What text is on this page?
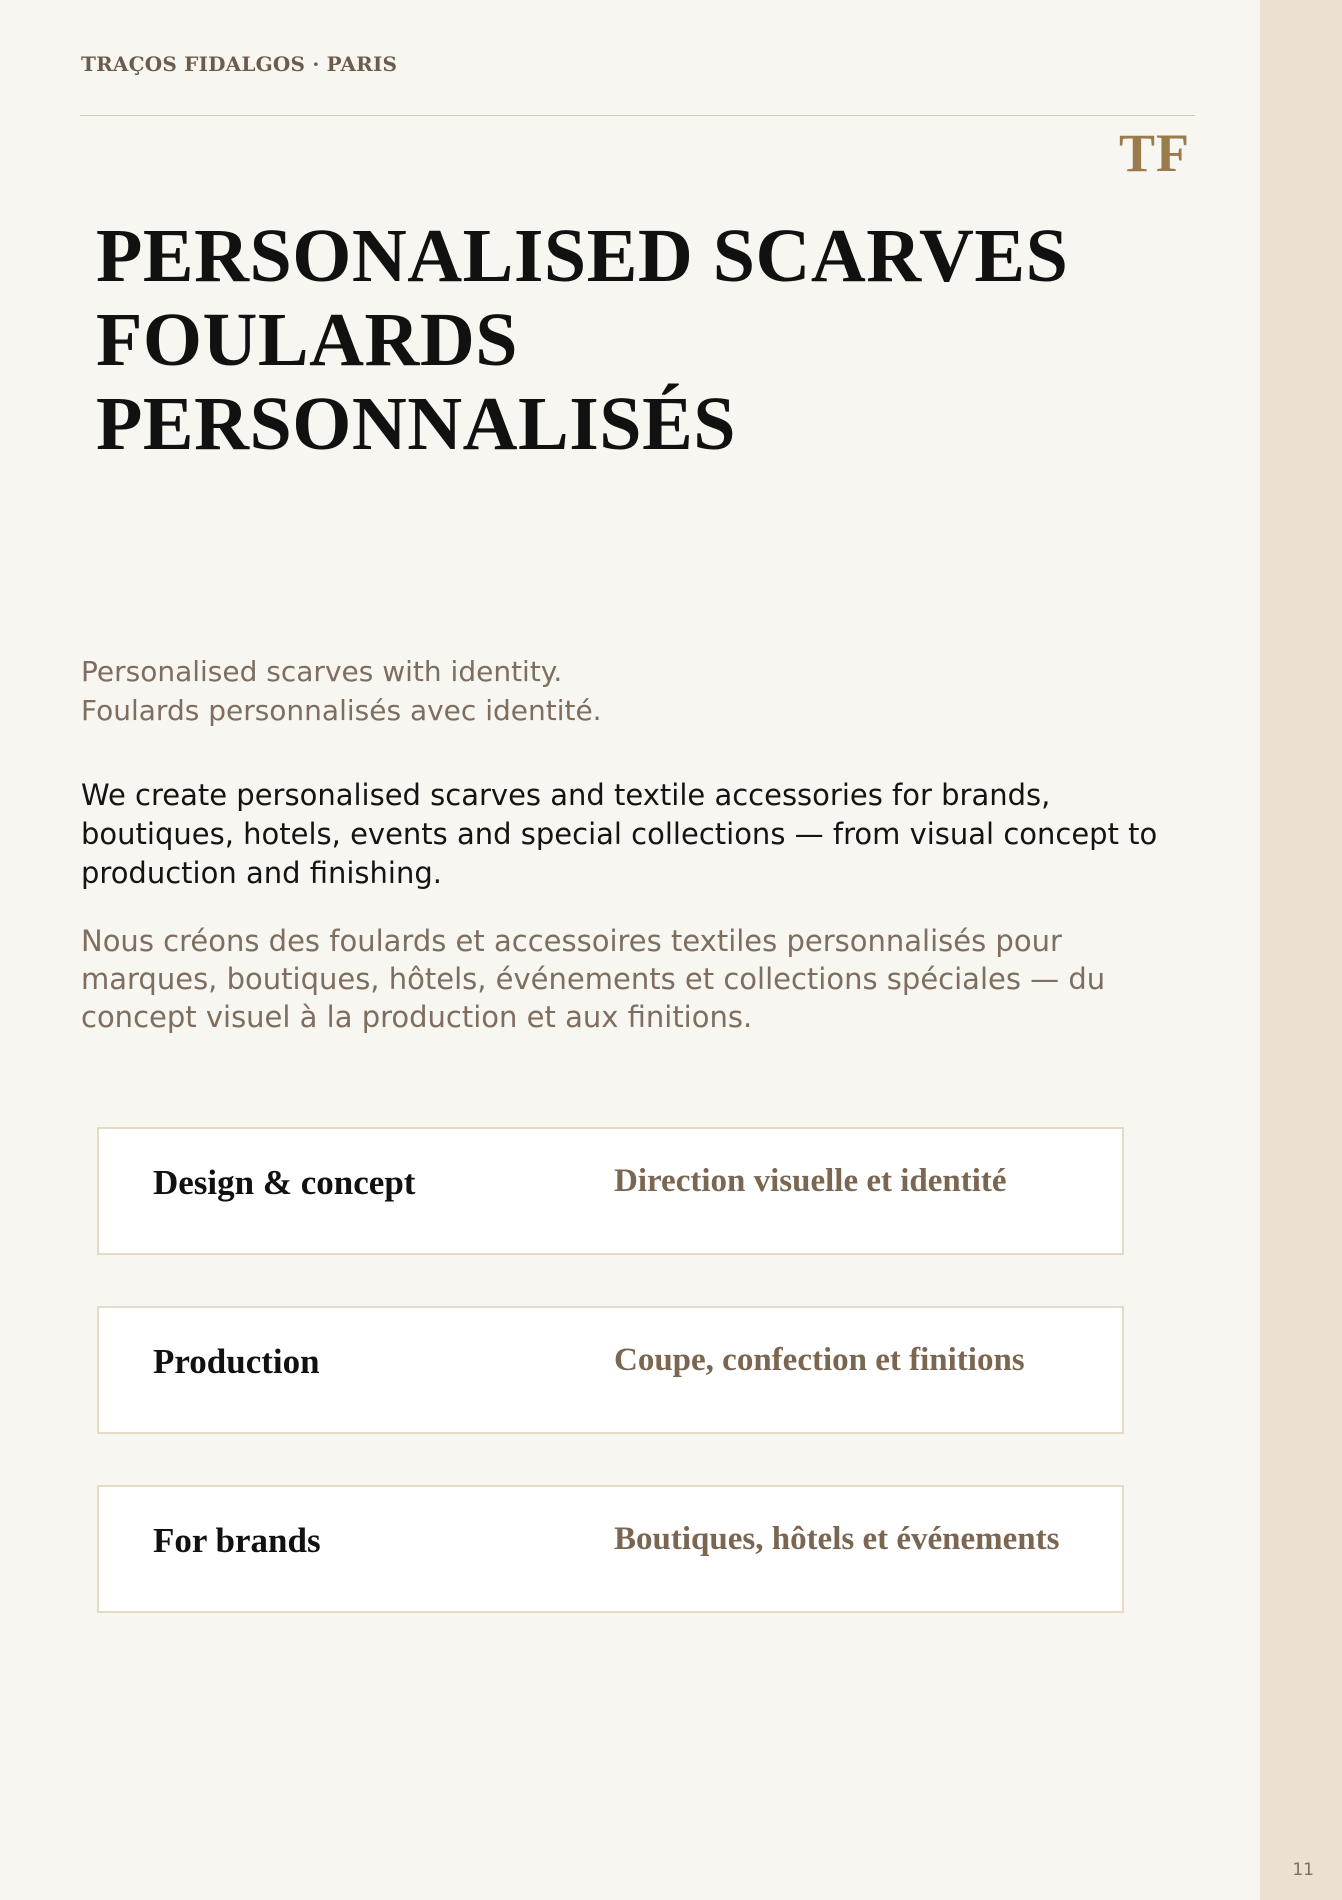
TRAÇOS FIDALGOS · PARIS
TF
PERSONALISED SCARVES
FOULARDS
PERSONNALISÉS
Personalised scarves with identity.
Foulards personnalisés avec identité.

We create personalised scarves and textile accessories for brands, boutiques, hotels, events and special collections — from visual concept to production and finishing.

Nous créons des foulards et accessoires textiles personnalisés pour marques, boutiques, hôtels, événements et collections spéciales — du concept visuel à la production et aux finitions.

Design & concept	Direction visuelle et identité
Production	Coupe, confection et finitions
For brands	Boutiques, hôtels et événements
11
